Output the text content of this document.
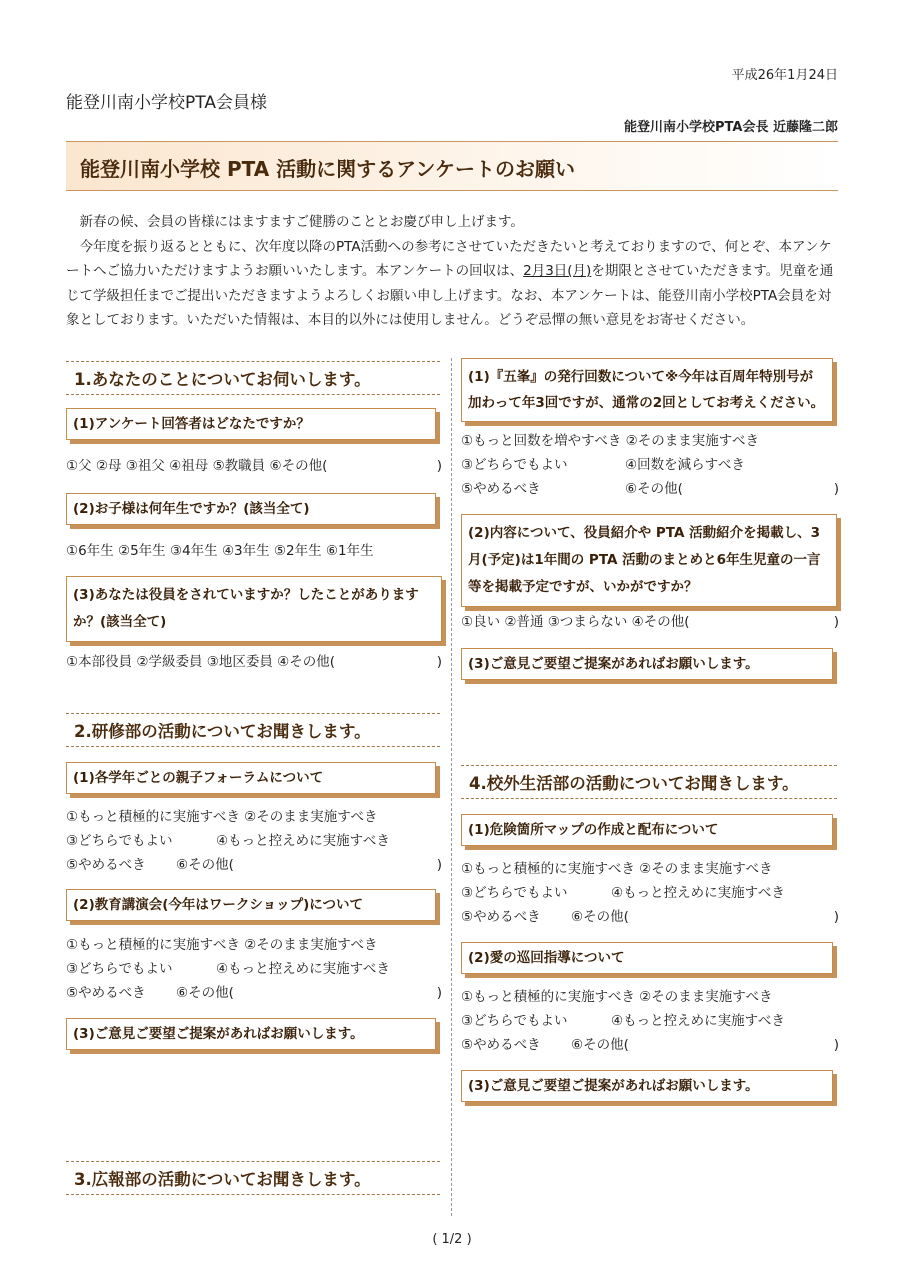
平成26年1月24日
能登川南小学校PTA会員様
能登川南小学校PTA会長 近藤隆二郎
能登川南小学校 PTA 活動に関するアンケートのお願い

新春の候、会員の皆様にはますますご健勝のこととお慶び申し上げます。

今年度を振り返るとともに、次年度以降のPTA活動への参考にさせていただきたいと考えておりますので、何とぞ、本アンケートへご協力いただけますようお願いいたします。本アンケートの回収は、2月3日(月)を期限とさせていただきます。児童を通じて学級担任までご提出いただきますようよろしくお願い申し上げます。なお、本アンケートは、能登川南小学校PTA会員を対象としております。いただいた情報は、本目的以外には使用しません。どうぞ忌憚の無い意見をお寄せください。

1.あなたのことについてお伺いします。
(1)アンケート回答者はどなたですか？
①父 ②母 ③祖父 ④祖母 ⑤教職員 ⑥その他(	)
(2)お子様は何年生ですか？(該当全て)
①6年生 ②5年生 ③4年生 ④3年生 ⑤2年生 ⑥1年生
(3)あなたは役員をされていますか？したことがありますか？(該当全て)
①本部役員 ②学級委員 ③地区委員 ④その他(	)
2.研修部の活動についてお聞きします。
(1)各学年ごとの親子フォーラムについて
①もっと積極的に実施すべき ②そのまま実施すべき
③どちらでもよい	④もっと控えめに実施すべき
⑤やめるべき ⑥その他(	)
(2)教育講演会(今年はワークショップ)について
①もっと積極的に実施すべき ②そのまま実施すべき
③どちらでもよい	④もっと控えめに実施すべき
⑤やめるべき ⑥その他(	)
(3)ご意見ご要望ご提案があればお願いします。
3.広報部の活動についてお聞きします。
(1)『五峯』の発行回数について※今年は百周年特別号が加わって年3回ですが、通常の2回としてお考えください。
①もっと回数を増やすべき ②そのまま実施すべき
③どちらでもよい	④回数を減らすべき
⑤やめるべき	⑥その他(	)
(2)内容について、役員紹介や PTA 活動紹介を掲載し、3月(予定)は1年間の PTA 活動のまとめと6年生児童の一言等を掲載予定ですが、いかがですか？
①良い ②普通 ③つまらない ④その他(	)
(3)ご意見ご要望ご提案があればお願いします。
4.校外生活部の活動についてお聞きします。
(1)危険箇所マップの作成と配布について
①もっと積極的に実施すべき ②そのまま実施すべき
③どちらでもよい	④もっと控えめに実施すべき
⑤やめるべき ⑥その他(	)
(2)愛の巡回指導について
①もっと積極的に実施すべき ②そのまま実施すべき
③どちらでもよい	④もっと控えめに実施すべき
⑤やめるべき ⑥その他(	)
(3)ご意見ご要望ご提案があればお願いします。
( 1/2 )
